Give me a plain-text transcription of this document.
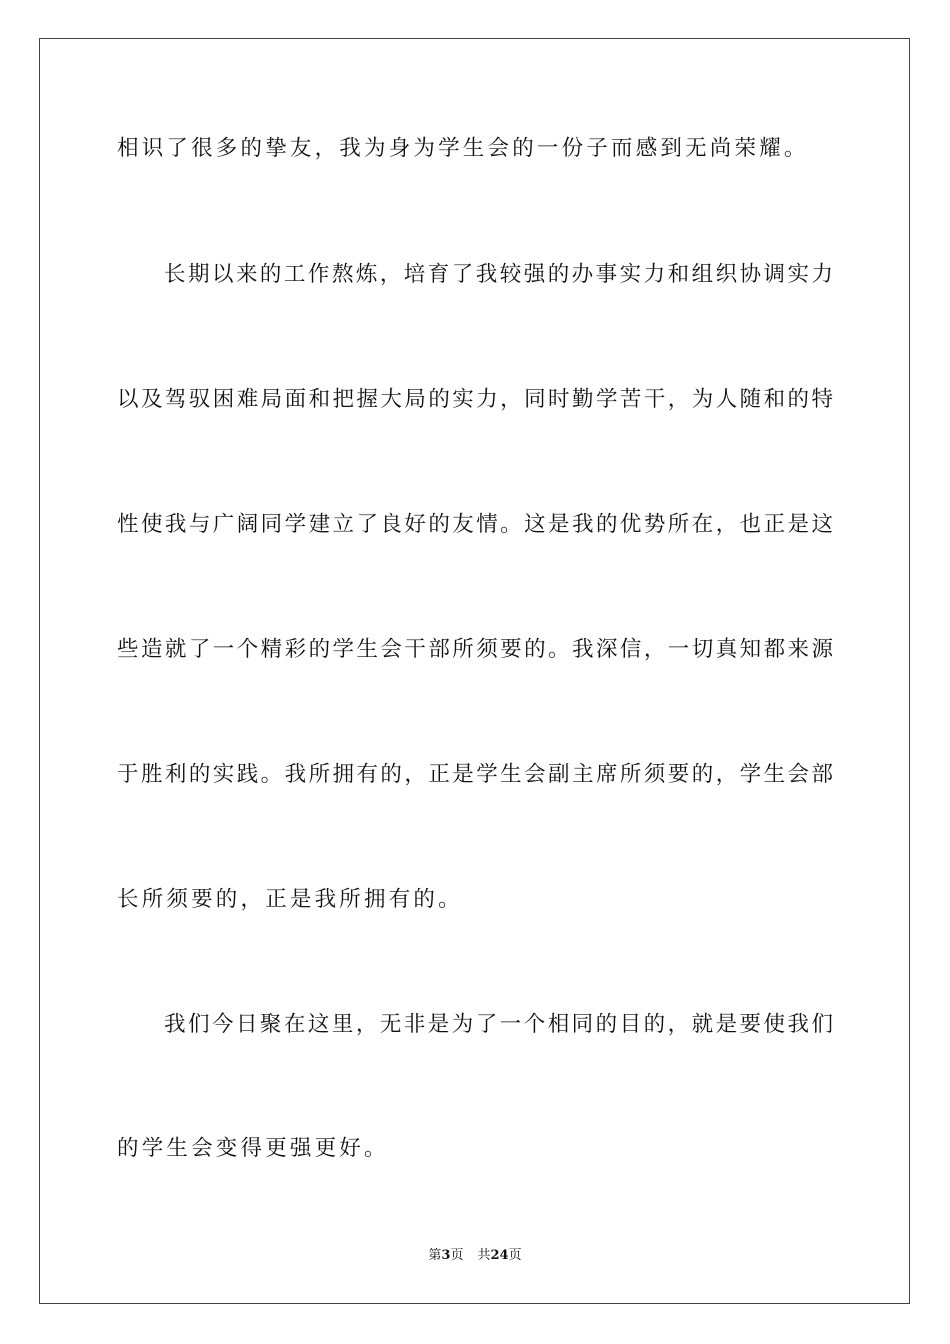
相识了很多的挚友，我为身为学生会的一份子而感到无尚荣耀。
长期以来的工作熬炼，培育了我较强的办事实力和组织协调实力
以及驾驭困难局面和把握大局的实力，同时勤学苦干，为人随和的特
性使我与广阔同学建立了良好的友情。这是我的优势所在，也正是这
些造就了一个精彩的学生会干部所须要的。我深信，一切真知都来源
于胜利的实践。我所拥有的，正是学生会副主席所须要的，学生会部
长所须要的，正是我所拥有的。
我们今日聚在这里，无非是为了一个相同的目的，就是要使我们
的学生会变得更强更好。
第3页 共24页
